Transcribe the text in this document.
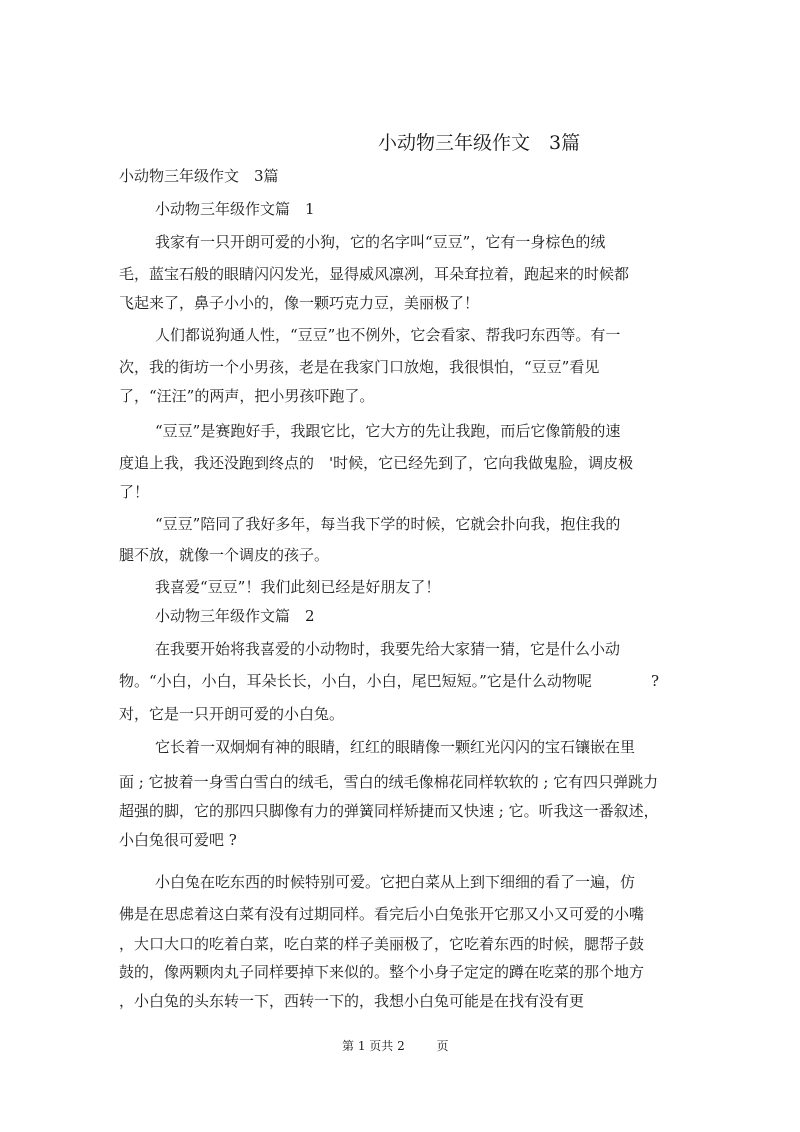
小动物三年级作文　3篇
小动物三年级作文　3篇
小动物三年级作文篇　1
我家有一只开朗可爱的小狗，它的名字叫“豆豆”，它有一身棕色的绒
毛，蓝宝石般的眼睛闪闪发光，显得威风凛冽，耳朵耷拉着，跑起来的时候都
飞起来了，鼻子小小的，像一颗巧克力豆，美丽极了！
人们都说狗通人性，“豆豆”也不例外，它会看家、帮我叼东西等。有一
次，我的街坊一个小男孩，老是在我家门口放炮，我很惧怕，“豆豆”看见
了，“汪汪”的两声，把小男孩吓跑了。
“豆豆”是赛跑好手，我跟它比，它大方的先让我跑，而后它像箭般的速
度追上我，我还没跑到终点的　'时候，它已经先到了，它向我做鬼脸，调皮极
了！
“豆豆”陪同了我好多年，每当我下学的时候，它就会扑向我，抱住我的
腿不放，就像一个调皮的孩子。
我喜爱“豆豆”！我们此刻已经是好朋友了！
小动物三年级作文篇　2
在我要开始将我喜爱的小动物时，我要先给大家猜一猜，它是什么小动
物。“小白，小白，耳朵长长，小白，小白，尾巴短短。”它是什么动物呢	?
对，它是一只开朗可爱的小白兔。
它长着一双炯炯有神的眼睛，红红的眼睛像一颗红光闪闪的宝石镶嵌在里
面 ; 它披着一身雪白雪白的绒毛，雪白的绒毛像棉花同样软软的 ; 它有四只弹跳力
超强的脚，它的那四只脚像有力的弹簧同样矫捷而又快速 ; 它。听我这一番叙述，
小白兔很可爱吧 ?
小白兔在吃东西的时候特别可爱。它把白菜从上到下细细的看了一遍，仿
佛是在思虑着这白菜有没有过期同样。看完后小白兔张开它那又小又可爱的小嘴
，大口大口的吃着白菜，吃白菜的样子美丽极了，它吃着东西的时候，腮帮子鼓
鼓的，像两颗肉丸子同样要掉下来似的。整个小身子定定的蹲在吃菜的那个地方
，小白兔的头东转一下，西转一下的，我想小白兔可能是在找有没有更
第 1 页共 2	页
